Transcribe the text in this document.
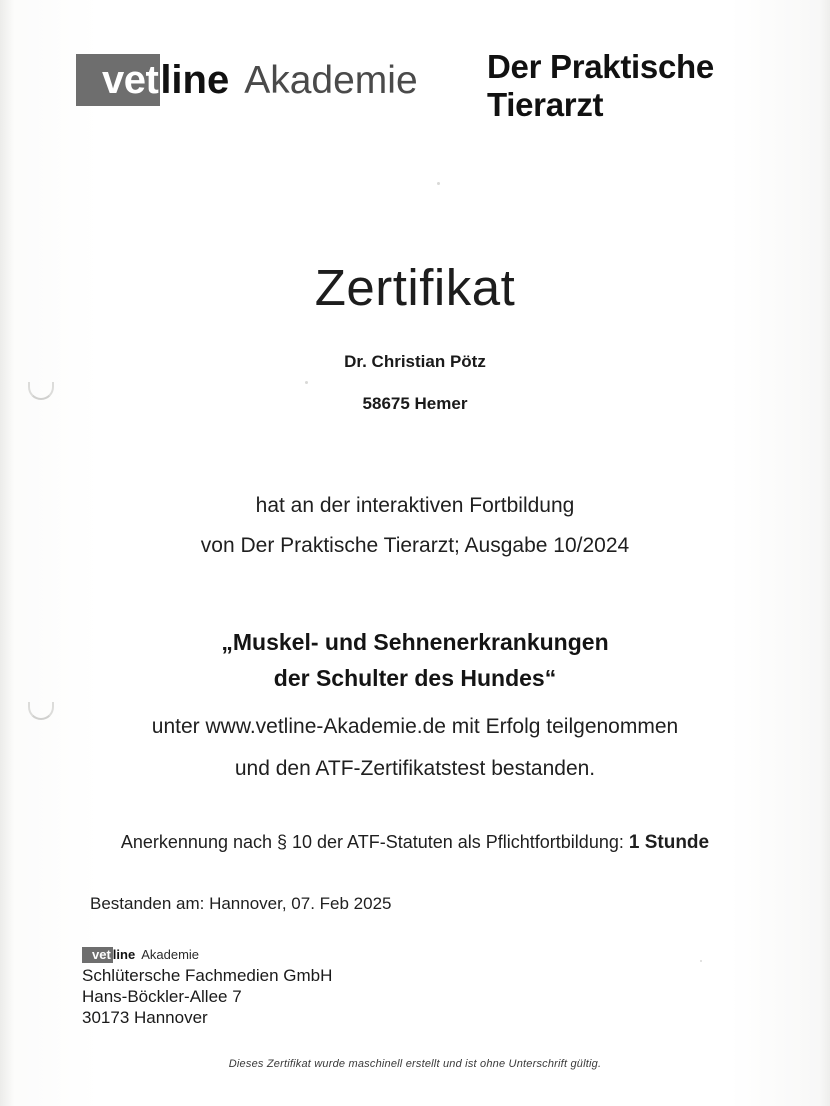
vet line Akademie Der Praktische
Tierarzt
Zertifikat
Dr. Christian Pötz
58675 Hemer
hat an der interaktiven Fortbildung
von Der Praktische Tierarzt; Ausgabe 10/2024
„Muskel- und Sehnenerkrankungen
der Schulter des Hundes“
unter www.vetline-Akademie.de mit Erfolg teilgenommen
und den ATF-Zertifikatstest bestanden.
Anerkennung nach § 10 der ATF-Statuten als Pflichtfortbildung: 1 Stunde
Bestanden am: Hannover, 07. Feb 2025
vet line Akademie
Schlütersche Fachmedien GmbH
Hans-Böckler-Allee 7
30173 Hannover
Dieses Zertifikat wurde maschinell erstellt und ist ohne Unterschrift gültig.
